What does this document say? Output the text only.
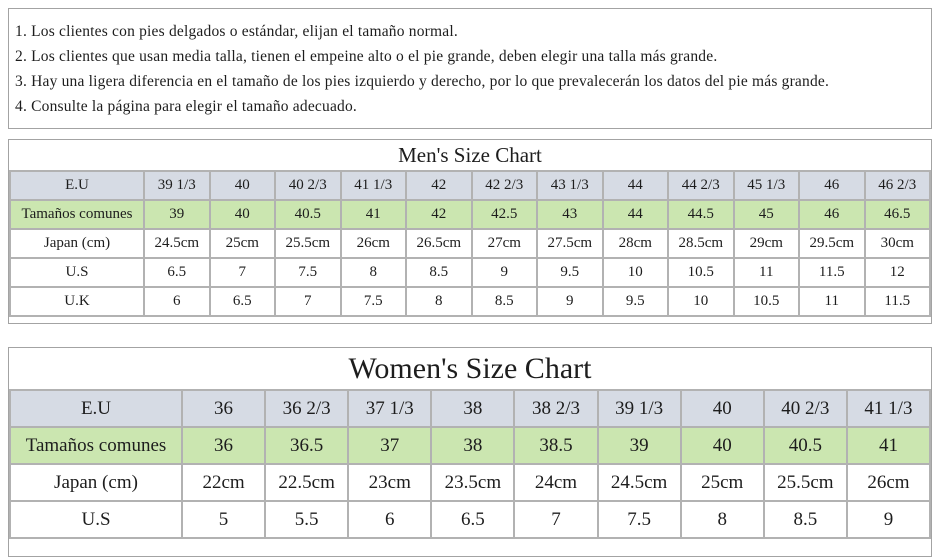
1. Los clientes con pies delgados o estándar, elijan el tamaño normal.
2. Los clientes que usan media talla, tienen el empeine alto o el pie grande, deben elegir una talla más grande.
3. Hay una ligera diferencia en el tamaño de los pies izquierdo y derecho, por lo que prevalecerán los datos del pie más grande.
4. Consulte la página para elegir el tamaño adecuado.
Men's Size Chart
E.U	39 1/3	40	40 2/3	41 1/3	42	42 2/3	43 1/3	44	44 2/3	45 1/3	46	46 2/3
Tamaños comunes	39	40	40.5	41	42	42.5	43	44	44.5	45	46	46.5
Japan (cm)	24.5cm	25cm	25.5cm	26cm	26.5cm	27cm	27.5cm	28cm	28.5cm	29cm	29.5cm	30cm
U.S	6.5	7	7.5	8	8.5	9	9.5	10	10.5	11	11.5	12
U.K	6	6.5	7	7.5	8	8.5	9	9.5	10	10.5	11	11.5
Women's Size Chart
E.U	36	36 2/3	37 1/3	38	38 2/3	39 1/3	40	40 2/3	41 1/3
Tamaños comunes	36	36.5	37	38	38.5	39	40	40.5	41
Japan (cm)	22cm	22.5cm	23cm	23.5cm	24cm	24.5cm	25cm	25.5cm	26cm
U.S	5	5.5	6	6.5	7	7.5	8	8.5	9
